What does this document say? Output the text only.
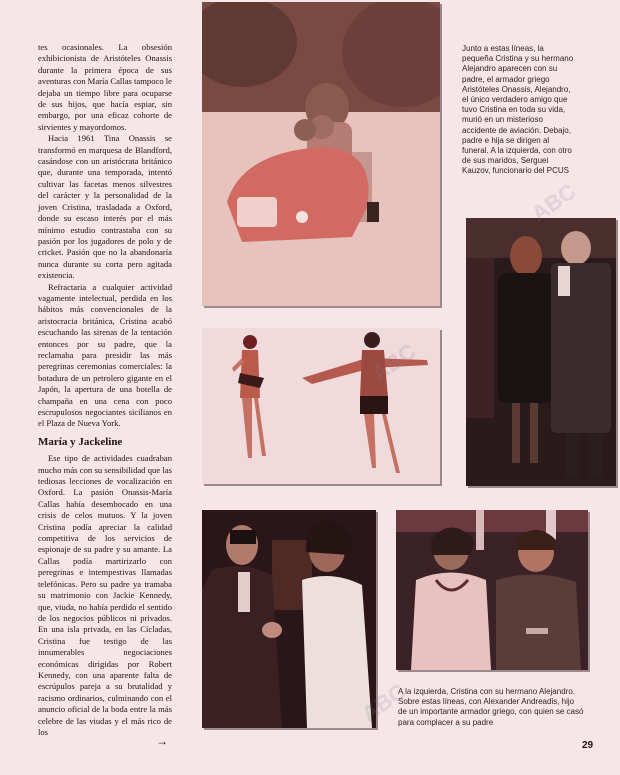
tes ocasionales. La obsesión exhibicionista de Aristóteles Onassis durante la primera época de sus aventuras con María Callas tampoco le dejaba un tiempo libre para ocuparse de sus hijos, que hacía espiar, sin embargo, por una eficaz cohorte de sirvientes y mayordomos.

Hacia 1961 Tina Onassis se transformó en marquesa de Blandford, casándose con un aristócrata británico que, durante una temporada, intentó cultivar las facetas menos silvestres del carácter y la personalidad de la joven Cristina, trasladada a Oxford, donde su escaso interés por el más mínimo estudio contrastaba con su pasión por los jugadores de polo y de cricket. Pasión que no la abandonaría nunca durante su corta pero agitada existencia.

Refractaria a cualquier actividad vagamente intelectual, perdida en los hábitos más convencionales de la aristocracia británica, Cristina acabó escuchando las sirenas de la tentación entonces por su padre, que la reclamaba para presidir las más peregrinas ceremonias comerciales: la botadura de un petrolero gigante en el Japón, la apertura de una botella de champaña en una cena con poco escrupulosos negociantes sicilianos en el Plaza de Nueva York.

María y Jackeline

Ese tipo de actividades cuadraban mucho más con su sensibilidad que las tediosas lecciones de vocalización en Oxford. La pasión Onassis-María Callas había desembocado en una crisis de celos mutuos. Y la joven Cristina podía apreciar la calidad competitiva de los servicios de espionaje de su padre y su amante. La Callas podía martirizarlo con peregrinas e intempestivas llamadas telefónicas. Pero su padre ya tramaba su matrimonio con Jackie Kennedy, que, viuda, no había perdido el sentido de los negocios públicos ni privados. En una isla privada, en las Cícladas, Cristina fue testigo de las innumerables negociaciones económicas dirigidas por Robert Kennedy, con una aparente falta de escrúpulos pareja a su brutalidad y racismo ordinarios, culminando con el anuncio oficial de la boda entre la más celebre de las viudas y el más rico de los

→
Junto a estas líneas, la pequeña Cristina y su hermano Alejandro aparecen con su padre, el armador griego Aristóteles Onassis, Alejandro, el único verdadero amigo que tuvo Cristina en toda su vida, murió en un misterioso accidente de aviación. Debajo, padre e hija se dirigen al funeral. A la izquierda, con otro de sus maridos, Serguei Kauzov, funcionario del PCUS
A la izquierda, Cristina con su hermano Alejandro. Sobre estas líneas, con Alexander Andreadis, hijo de un importante armador griego, con quien se casó para complacer a su padre
29
ABC
ABC
